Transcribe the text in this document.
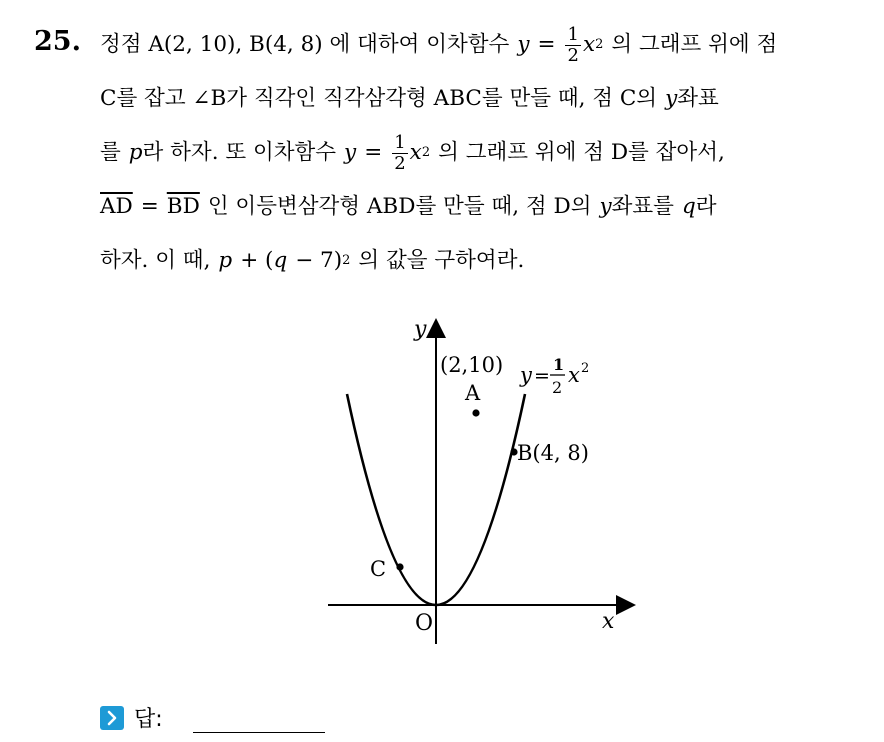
25. 정점 A(2, 10), B(4, 8) 에 대하여 이차함수 $y = \frac{1}{2}$ x 2 의 그래프 위에 점
C를 잡고 ∠B가 직각인 직각삼각형 ABC를 만들 때, 점 C의 y 좌표
를 p 라 하자. 또 이차함수 $y = \frac{1}{2}$ x 2 의 그래프 위에 점 D를 잡아서,
$\overline{AD} = \overline{BD}$ 인 이등변삼각형 ABD를 만들 때, 점 D의 y 좌표를 q 라
하자. 이 때, p + ( q − 7) 2 의 값을 구하여라.
y
x
O
(2,10)
A
B(4, 8)
C
y =
1
2
x 2
답:
